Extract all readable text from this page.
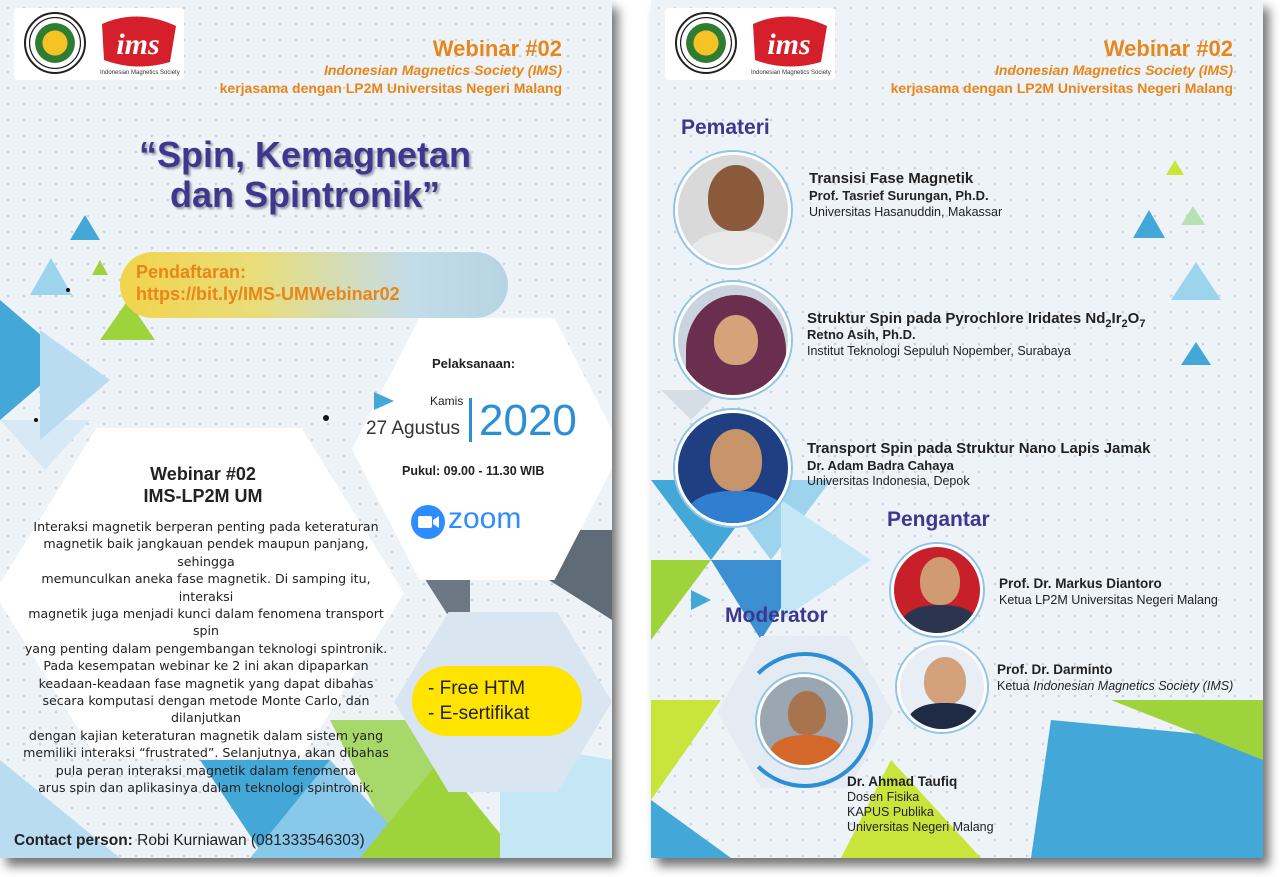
ims
Indonesian Magnetics Society
Webinar #02
Indonesian Magnetics Society (IMS)
kerjasama dengan LP2M Universitas Negeri Malang
“Spin, Kemagnetan
dan Spintronik”
Pendaftaran:
https://bit.ly/IMS-UMWebinar02
Pelaksanaan:
Kamis
27 Agustus 2020
Pukul: 09.00 - 11.30 WIB
zoom
Webinar #02
IMS-LP2M UM
Interaksi magnetik berperan penting pada keteraturan
magnetik baik jangkauan pendek maupun panjang, sehingga
memunculkan aneka fase magnetik. Di samping itu, interaksi
magnetik juga menjadi kunci dalam fenomena transport spin
yang penting dalam pengembangan teknologi spintronik.
Pada kesempatan webinar ke 2 ini akan dipaparkan
keadaan-keadaan fase magnetik yang dapat dibahas
secara komputasi dengan metode Monte Carlo, dan dilanjutkan
dengan kajian keteraturan magnetik dalam sistem yang
memiliki interaksi “frustrated”. Selanjutnya, akan dibahas
pula peran interaksi magnetik dalam fenomena
arus spin dan aplikasinya dalam teknologi spintronik.
- Free HTM
- E-sertifikat
Contact person: Robi Kurniawan (081333546303)
ims
Indonesian Magnetics Society
Webinar #02
Indonesian Magnetics Society (IMS)
kerjasama dengan LP2M Universitas Negeri Malang
Pemateri
Transisi Fase Magnetik
Prof. Tasrief Surungan, Ph.D.
Universitas Hasanuddin, Makassar
Struktur Spin pada Pyrochlore Iridates $Nd_2Ir_2O_7$
Retno Asih, Ph.D.
Institut Teknologi Sepuluh Nopember, Surabaya
Transport Spin pada Struktur Nano Lapis Jamak
Dr. Adam Badra Cahaya
Universitas Indonesia, Depok
Pengantar
Prof. Dr. Markus Diantoro
Ketua LP2M Universitas Negeri Malang
Prof. Dr. Darminto
Ketua Indonesian Magnetics Society (IMS)
Moderator
Dr. Ahmad Taufiq
Dosen Fisika
KAPUS Publika
Universitas Negeri Malang
